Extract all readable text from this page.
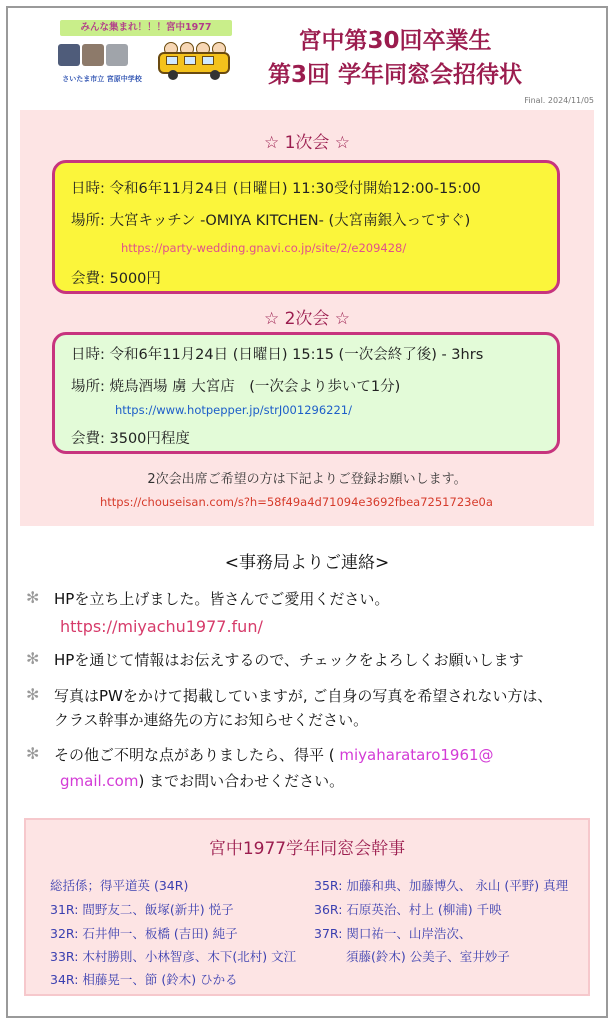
みんな集まれ！！！宮中1977
さいたま市立 宮原中学校
宮中第30回卒業生
第3回 学年同窓会招待状
Final. 2024/11/05
☆ 1次会 ☆
日時: 令和6年11月24日 (日曜日) 11:30受付開始12:00-15:00
場所: 大宮キッチン -OMIYA KITCHEN- (大宮南銀入ってすぐ)
https://party-wedding.gnavi.co.jp/site/2/e209428/
会費: 5000円
☆ 2次会 ☆
日時: 令和6年11月24日 (日曜日) 15:15 (一次会終了後) - 3hrs
場所: 焼鳥酒場 虜 大宮店　(一次会より歩いて1分)
https://www.hotpepper.jp/strJ001296221/
会費: 3500円程度
2次会出席ご希望の方は下記よりご登録お願いします。
https://chouseisan.com/s?h=58f49a4d71094e3692fbea7251723e0a
<事務局よりご連絡>
✻ HPを立ち上げました。皆さんでご愛用ください。
https://miyachu1977.fun/
✻ HPを通じて情報はお伝えするので、チェックをよろしくお願いします
✻ 写真はPWをかけて掲載していますが, ご自身の写真を希望されない方は、
クラス幹事か連絡先の方にお知らせください。
✻ その他ご不明な点がありましたら、得平 ( miyaharataro1961@
gmail.com) までお問い合わせください。
宮中1977学年同窓会幹事
総括係；得平道英 (34R)
31R: 間野友二、飯塚(新井) 悦子
32R: 石井伸一、板橋 (吉田) 純子
33R: 木村勝則、小林智彦、木下(北村) 文江
34R: 相藤晃一、節 (鈴木) ひかる
35R: 加藤和典、加藤博久、 永山 (平野) 真理
36R: 石原英治、村上 (柳浦) 千映
37R: 関口祐一、山岸浩次、
須藤(鈴木) 公美子、室井妙子
